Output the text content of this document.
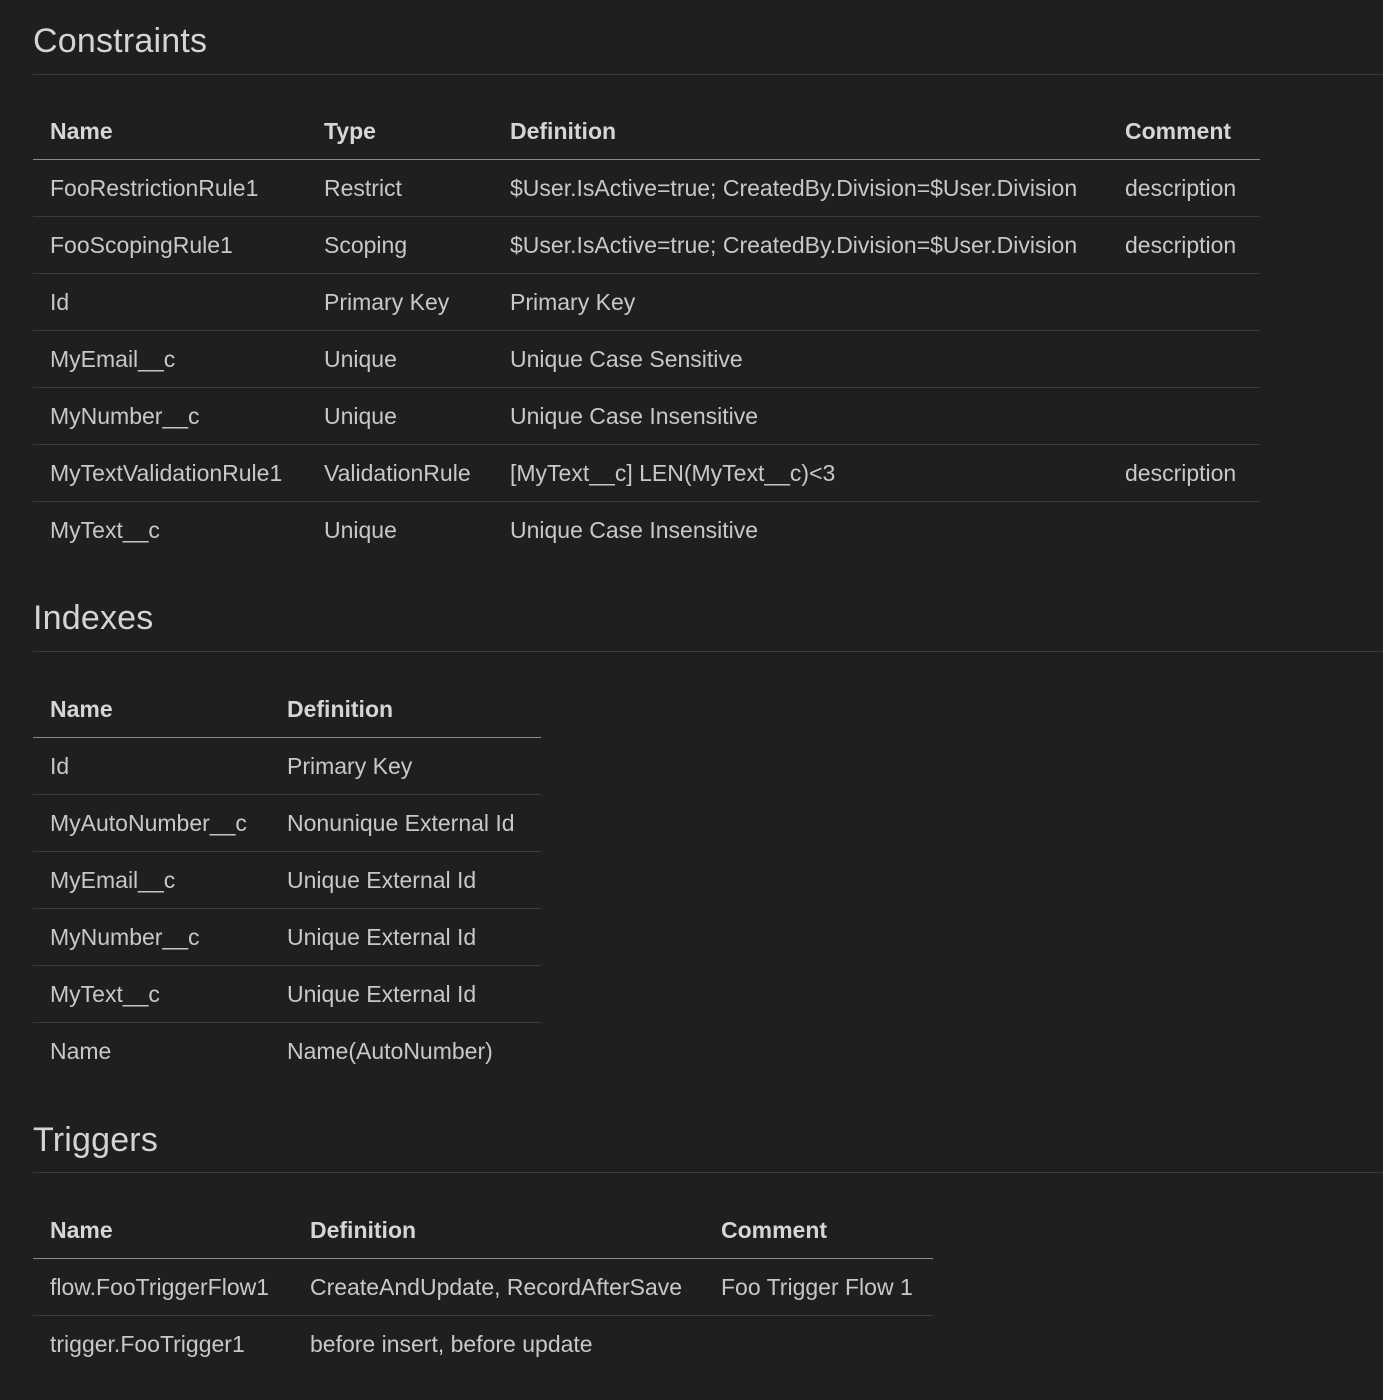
Constraints
Name	Type	Definition	Comment
FooRestrictionRule1	Restrict	$User.IsActive=true; CreatedBy.Division=$User.Division	description
FooScopingRule1	Scoping	$User.IsActive=true; CreatedBy.Division=$User.Division	description
Id	Primary Key	Primary Key	
MyEmail__c	Unique	Unique Case Sensitive	
MyNumber__c	Unique	Unique Case Insensitive	
MyTextValidationRule1	ValidationRule	[MyText__c] LEN(MyText__c)<3	description
MyText__c	Unique	Unique Case Insensitive	
Indexes
Name	Definition
Id	Primary Key
MyAutoNumber__c	Nonunique External Id
MyEmail__c	Unique External Id
MyNumber__c	Unique External Id
MyText__c	Unique External Id
Name	Name(AutoNumber)
Triggers
Name	Definition	Comment
flow.FooTriggerFlow1	CreateAndUpdate, RecordAfterSave	Foo Trigger Flow 1
trigger.FooTrigger1	before insert, before update	
